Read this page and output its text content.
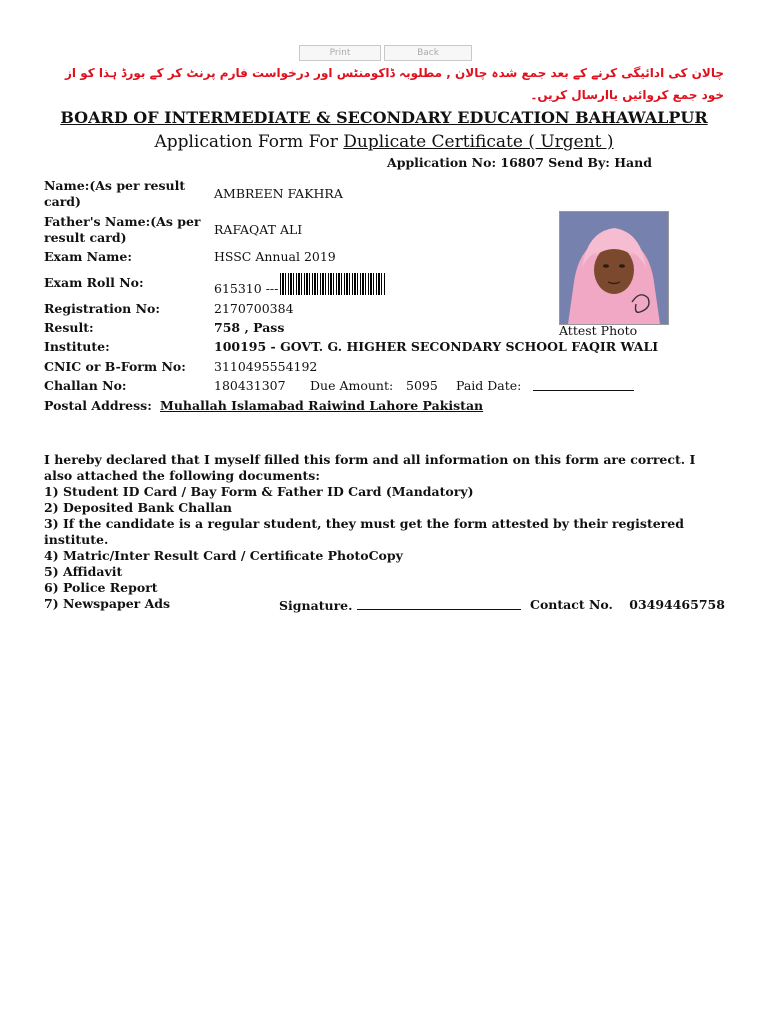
Print	Back
چالان کی ادائیگی کرنے کے بعد جمع شدہ چالان , مطلوبہ ڈاکومنٹس اور درخواست فارم پرنٹ کر کے بورڈ ہذا کو از خود جمع کروائیں یاارسال کریں۔
BOARD OF INTERMEDIATE & SECONDARY EDUCATION BAHAWALPUR
Application Form For Duplicate Certificate ( Urgent )
Application No: 16807 Send By: Hand
Name:(As per result card)
AMBREEN FAKHRA
Father's Name:(As per result card)
RAFAQAT ALI
Exam Name:	HSSC Annual 2019
Exam Roll No:	615310 ---
Registration No:	2170700384
Result:	758 , Pass	Attest Photo
Institute:	100195 - GOVT. G. HIGHER SECONDARY SCHOOL FAQIR WALI
CNIC or B-Form No: 3110495554192
Challan No:	180431307 Due Amount: 5095 Paid Date:
Postal Address: Muhallah Islamabad Raiwind Lahore Pakistan

I hereby declared that I myself filled this form and all information on this form are correct. I also attached the following documents:

1) Student ID Card / Bay Form & Father ID Card (Mandatory)

2) Deposited Bank Challan

3) If the candidate is a regular student, they must get the form attested by their registered institute.

4) Matric/Inter Result Card / Certificate PhotoCopy

5) Affidavit

6) Police Report

7) Newspaper Ads	Signature.	Contact No. 03494465758
